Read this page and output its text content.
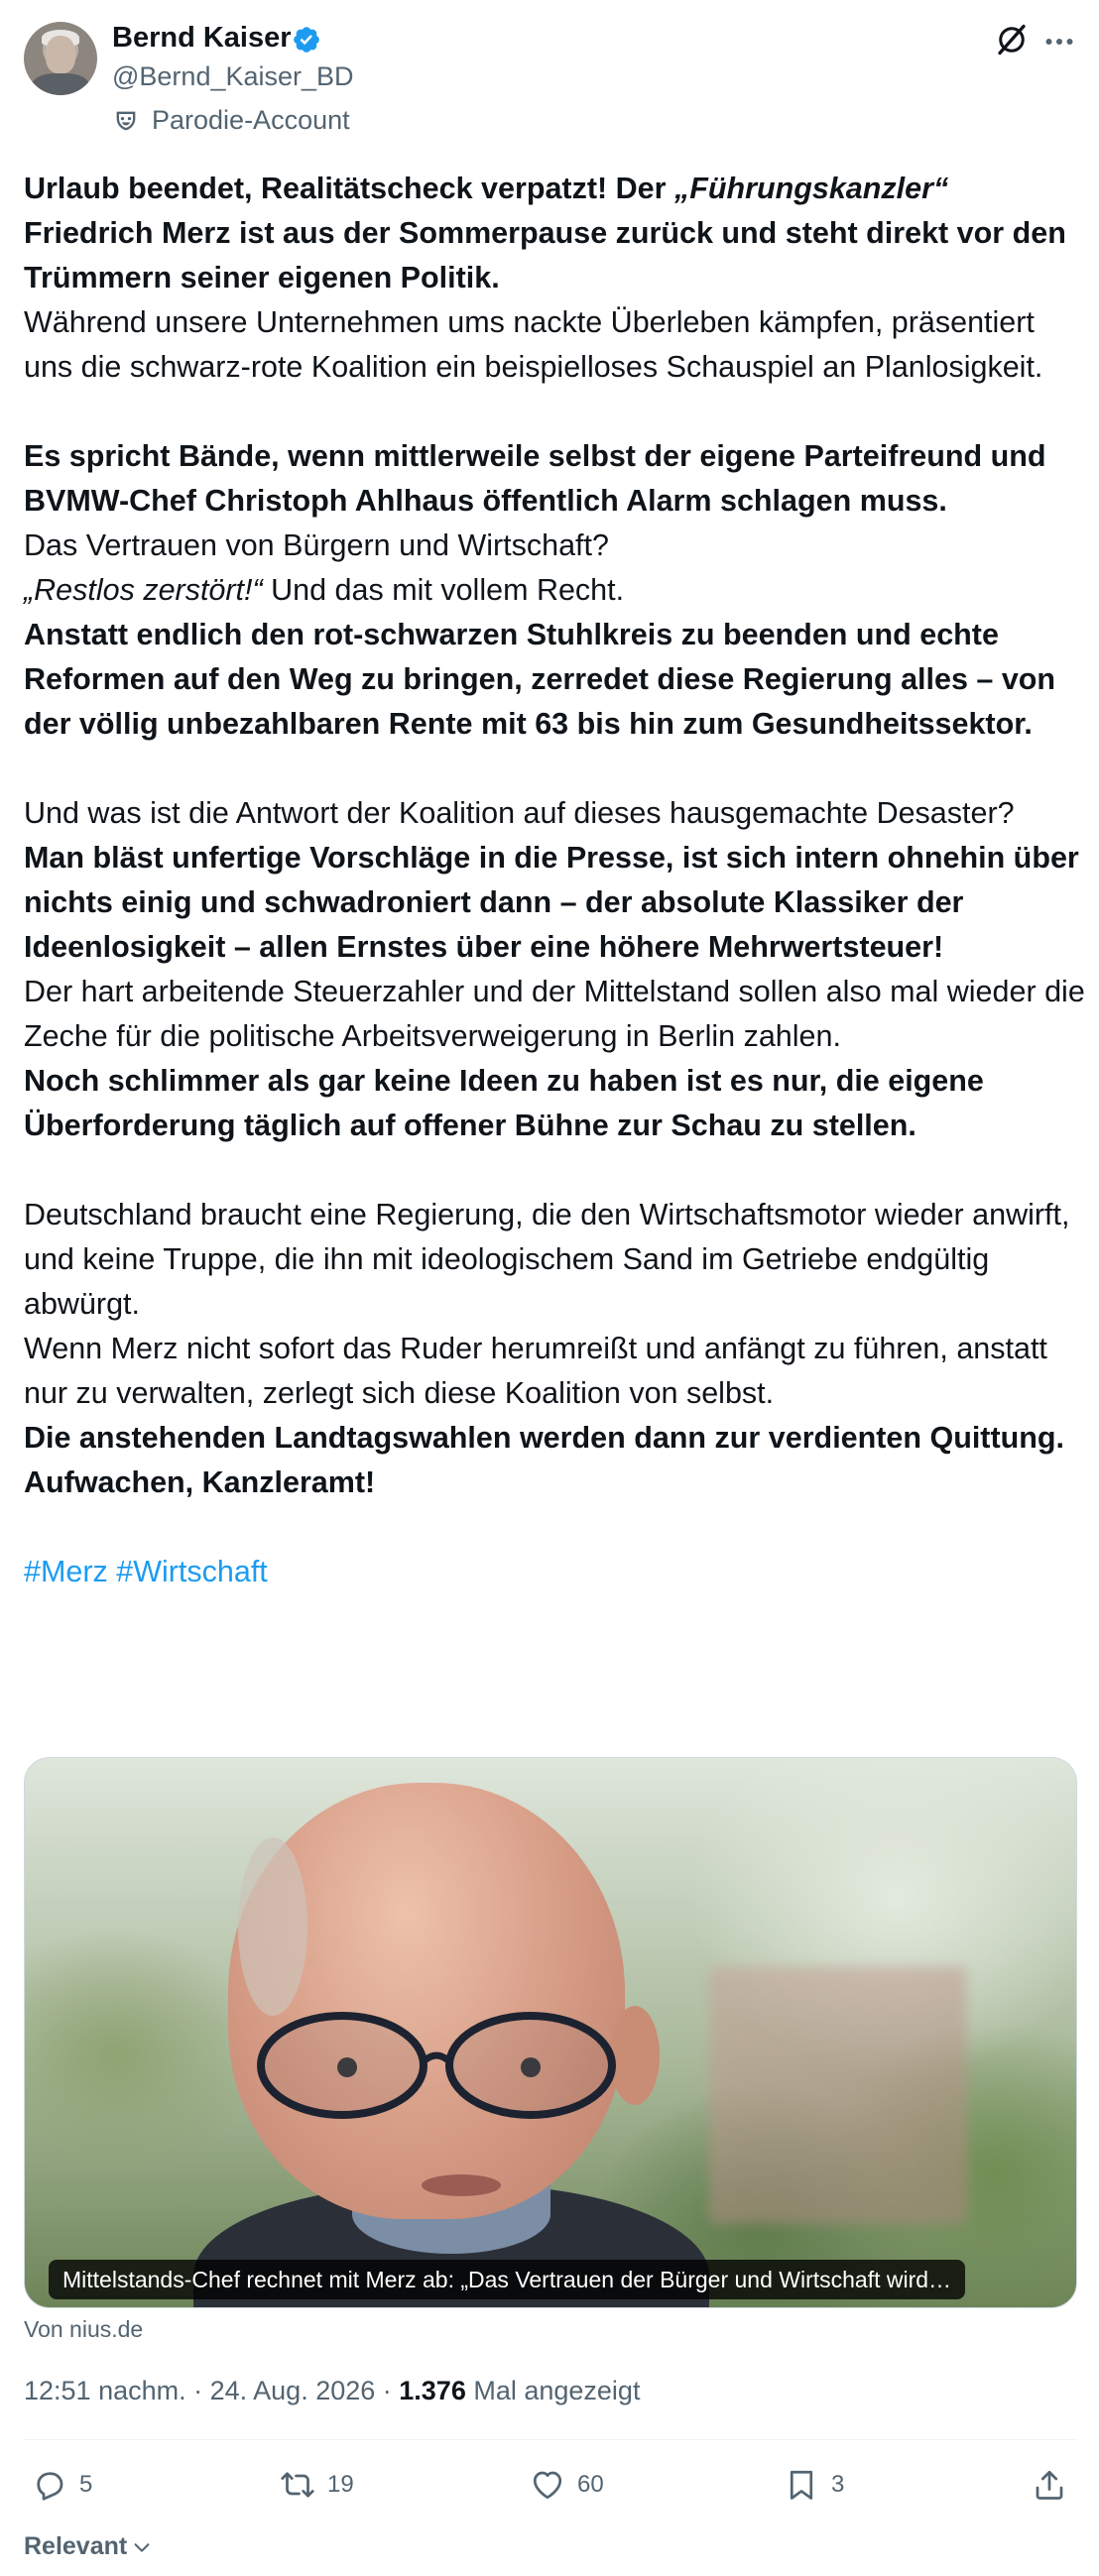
Bernd Kaiser
@Bernd_Kaiser_BD
Parodie-Account

Urlaub beendet, Realitätscheck verpatzt! Der „Führungskanzler“ Friedrich Merz ist aus der Sommerpause zurück und steht direkt vor den Trümmern seiner eigenen Politik.
Während unsere Unternehmen ums nackte Überleben kämpfen, präsentiert uns die schwarz-rote Koalition ein beispielloses Schauspiel an Planlosigkeit.

Es spricht Bände, wenn mittlerweile selbst der eigene Parteifreund und BVMW-Chef Christoph Ahlhaus öffentlich Alarm schlagen muss.
Das Vertrauen von Bürgern und Wirtschaft?
„Restlos zerstört!“ Und das mit vollem Recht.
Anstatt endlich den rot-schwarzen Stuhlkreis zu beenden und echte Reformen auf den Weg zu bringen, zerredet diese Regierung alles – von der völlig unbezahlbaren Rente mit 63 bis hin zum Gesundheitssektor.

Und was ist die Antwort der Koalition auf dieses hausgemachte Desaster?
Man bläst unfertige Vorschläge in die Presse, ist sich intern ohnehin über nichts einig und schwadroniert dann – der absolute Klassiker der Ideenlosigkeit – allen Ernstes über eine höhere Mehrwertsteuer!
Der hart arbeitende Steuerzahler und der Mittelstand sollen also mal wieder die Zeche für die politische Arbeitsverweigerung in Berlin zahlen.
Noch schlimmer als gar keine Ideen zu haben ist es nur, die eigene Überforderung täglich auf offener Bühne zur Schau zu stellen.

Deutschland braucht eine Regierung, die den Wirtschaftsmotor wieder anwirft, und keine Truppe, die ihn mit ideologischem Sand im Getriebe endgültig abwürgt.
Wenn Merz nicht sofort das Ruder herumreißt und anfängt zu führen, anstatt nur zu verwalten, zerlegt sich diese Koalition von selbst.
Die anstehenden Landtagswahlen werden dann zur verdienten Quittung. Aufwachen, Kanzleramt!

#Merz #Wirtschaft

Mittelstands-Chef rechnet mit Merz ab: „Das Vertrauen der Bürger und Wirtschaft wird…
Von nius.de
12:51 nachm. · 24. Aug. 2026 · 1.376 Mal angezeigt
5	19	60	3
Relevant
